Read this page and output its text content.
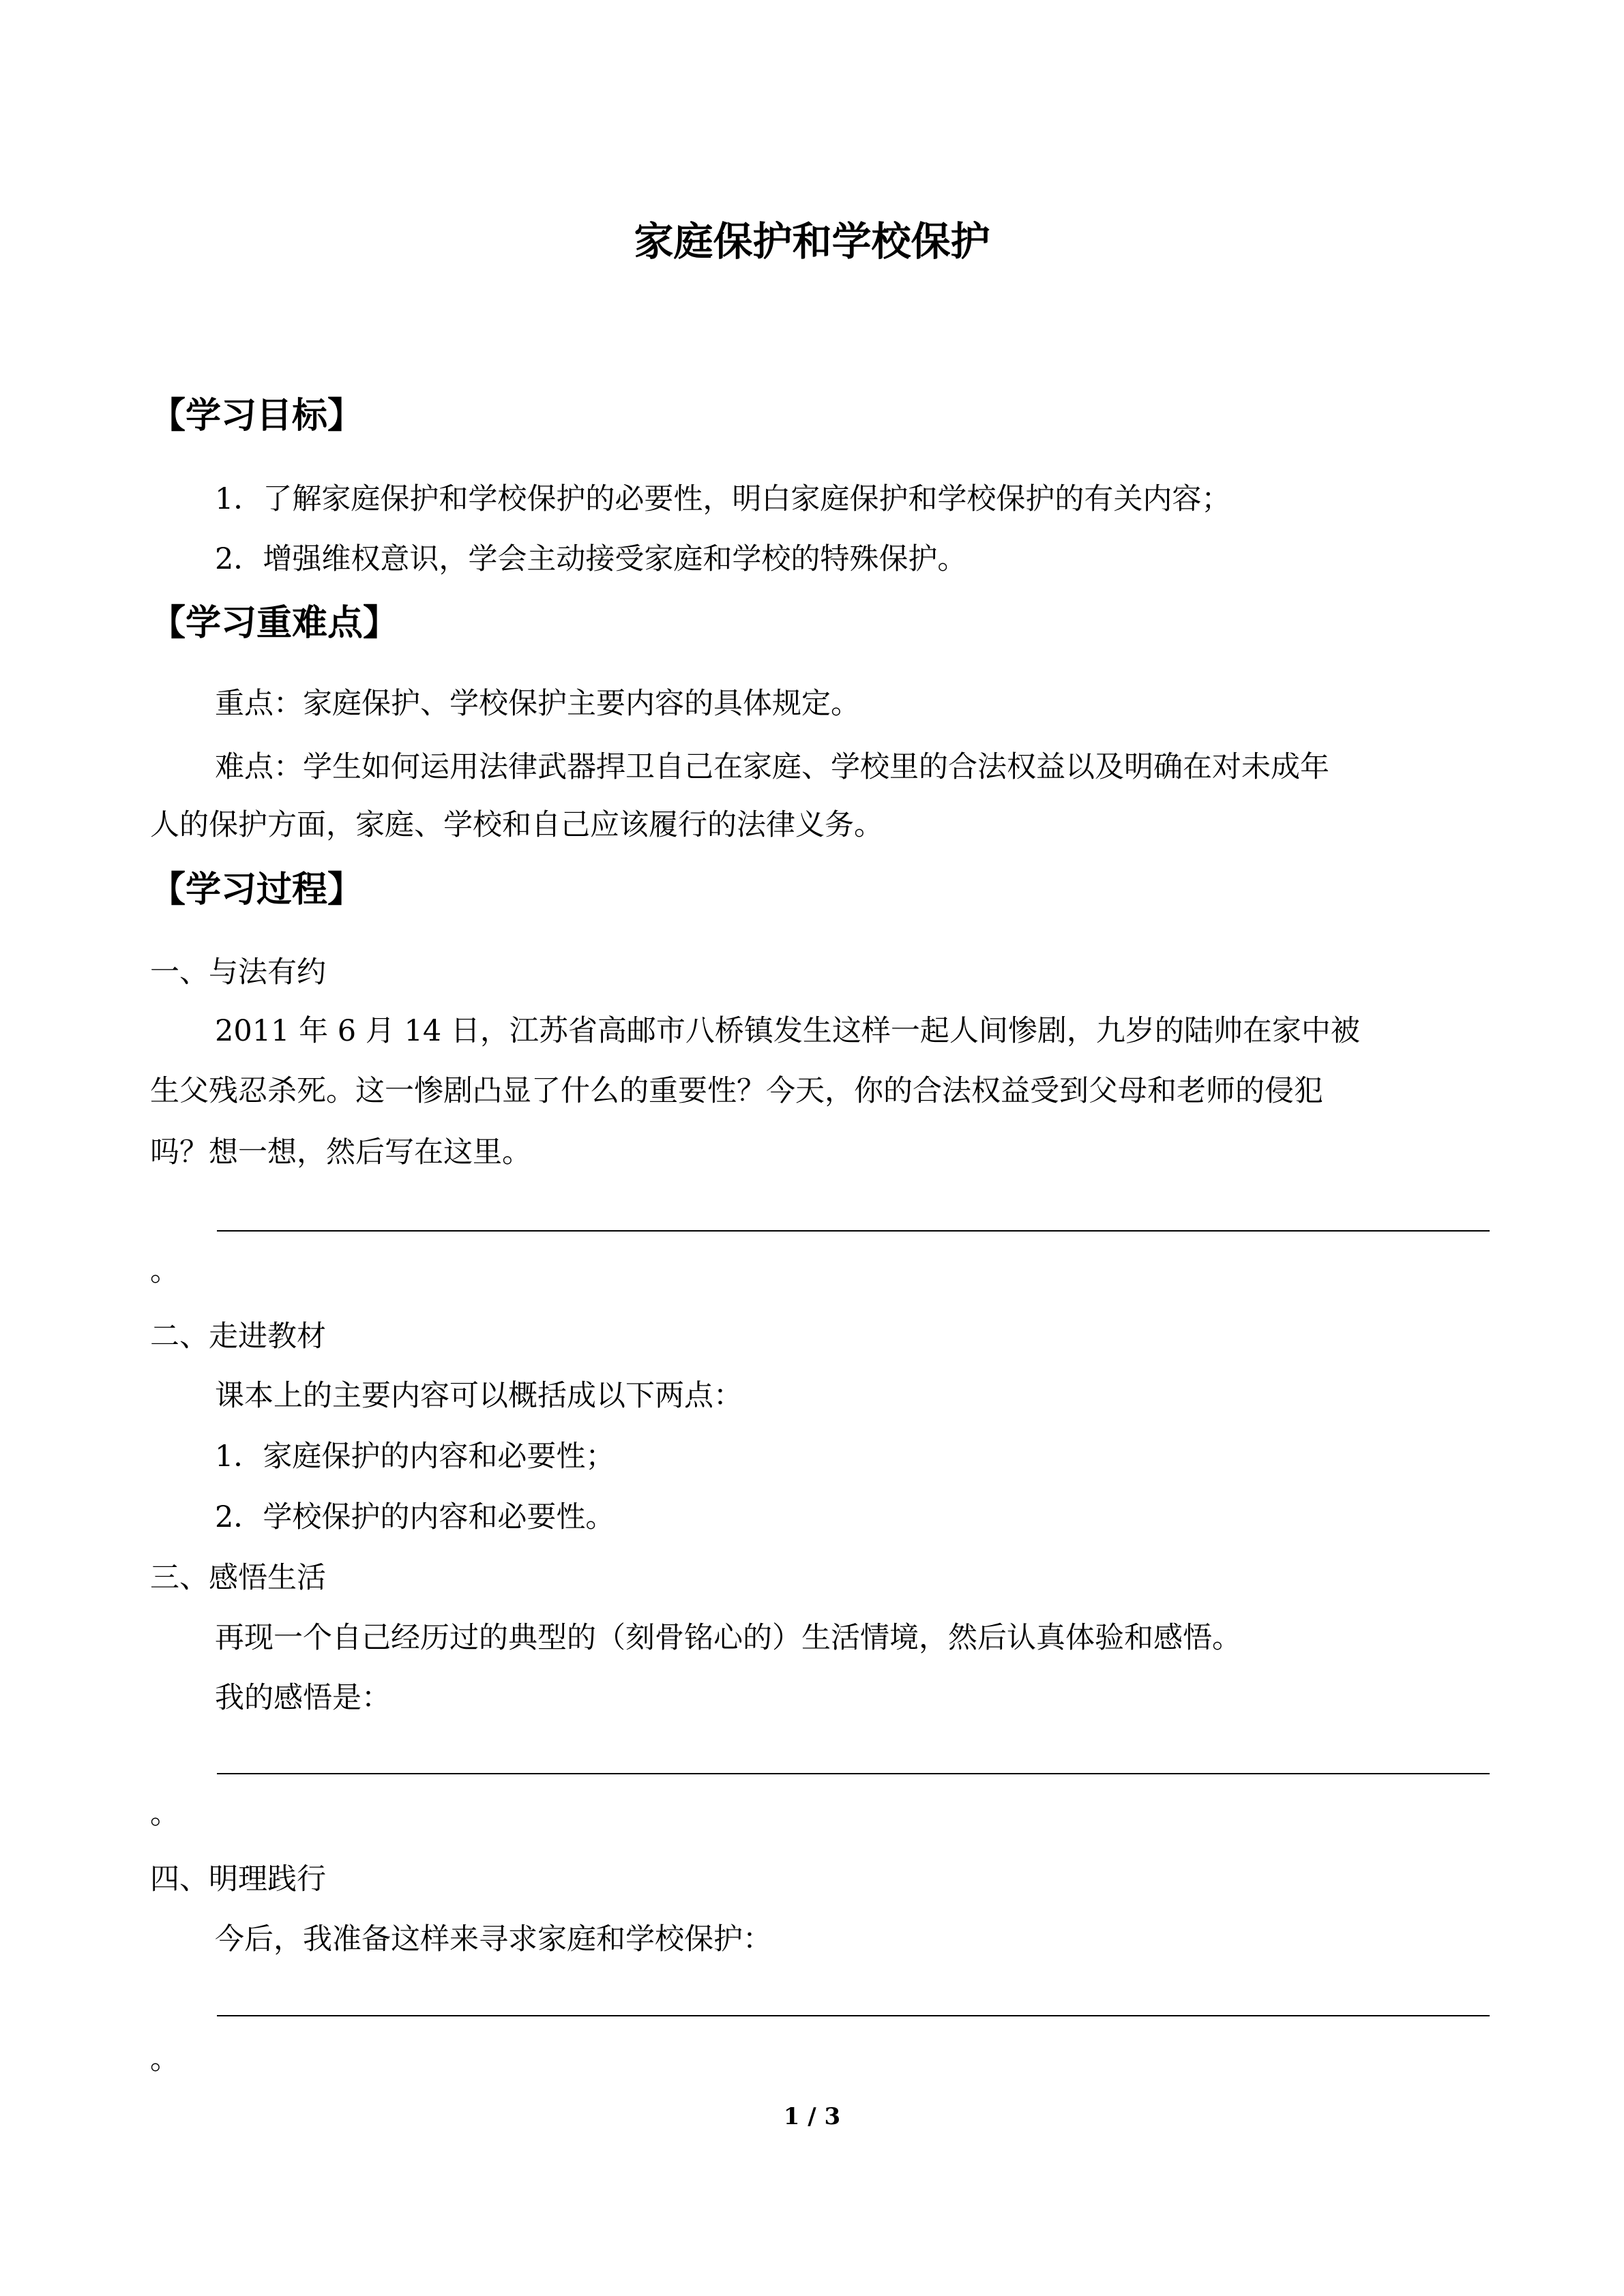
家庭保护和学校保护
【学习目标】
1．了解家庭保护和学校保护的必要性，明白家庭保护和学校保护的有关内容；
2．增强维权意识，学会主动接受家庭和学校的特殊保护。
【学习重难点】
重点：家庭保护、学校保护主要内容的具体规定。
难点：学生如何运用法律武器捍卫自己在家庭、学校里的合法权益以及明确在对未成年
人的保护方面，家庭、学校和自己应该履行的法律义务。
【学习过程】
一、与法有约
2011 年 6 月 14 日，江苏省高邮市八桥镇发生这样一起人间惨剧，九岁的陆帅在家中被
生父残忍杀死。这一惨剧凸显了什么的重要性？今天，你的合法权益受到父母和老师的侵犯
吗？想一想，然后写在这里。
。
二、走进教材
课本上的主要内容可以概括成以下两点：
1．家庭保护的内容和必要性；
2．学校保护的内容和必要性。
三、感悟生活
再现一个自己经历过的典型的（刻骨铭心的）生活情境，然后认真体验和感悟。
我的感悟是：
。
四、明理践行
今后，我准备这样来寻求家庭和学校保护：
。
1 / 3
